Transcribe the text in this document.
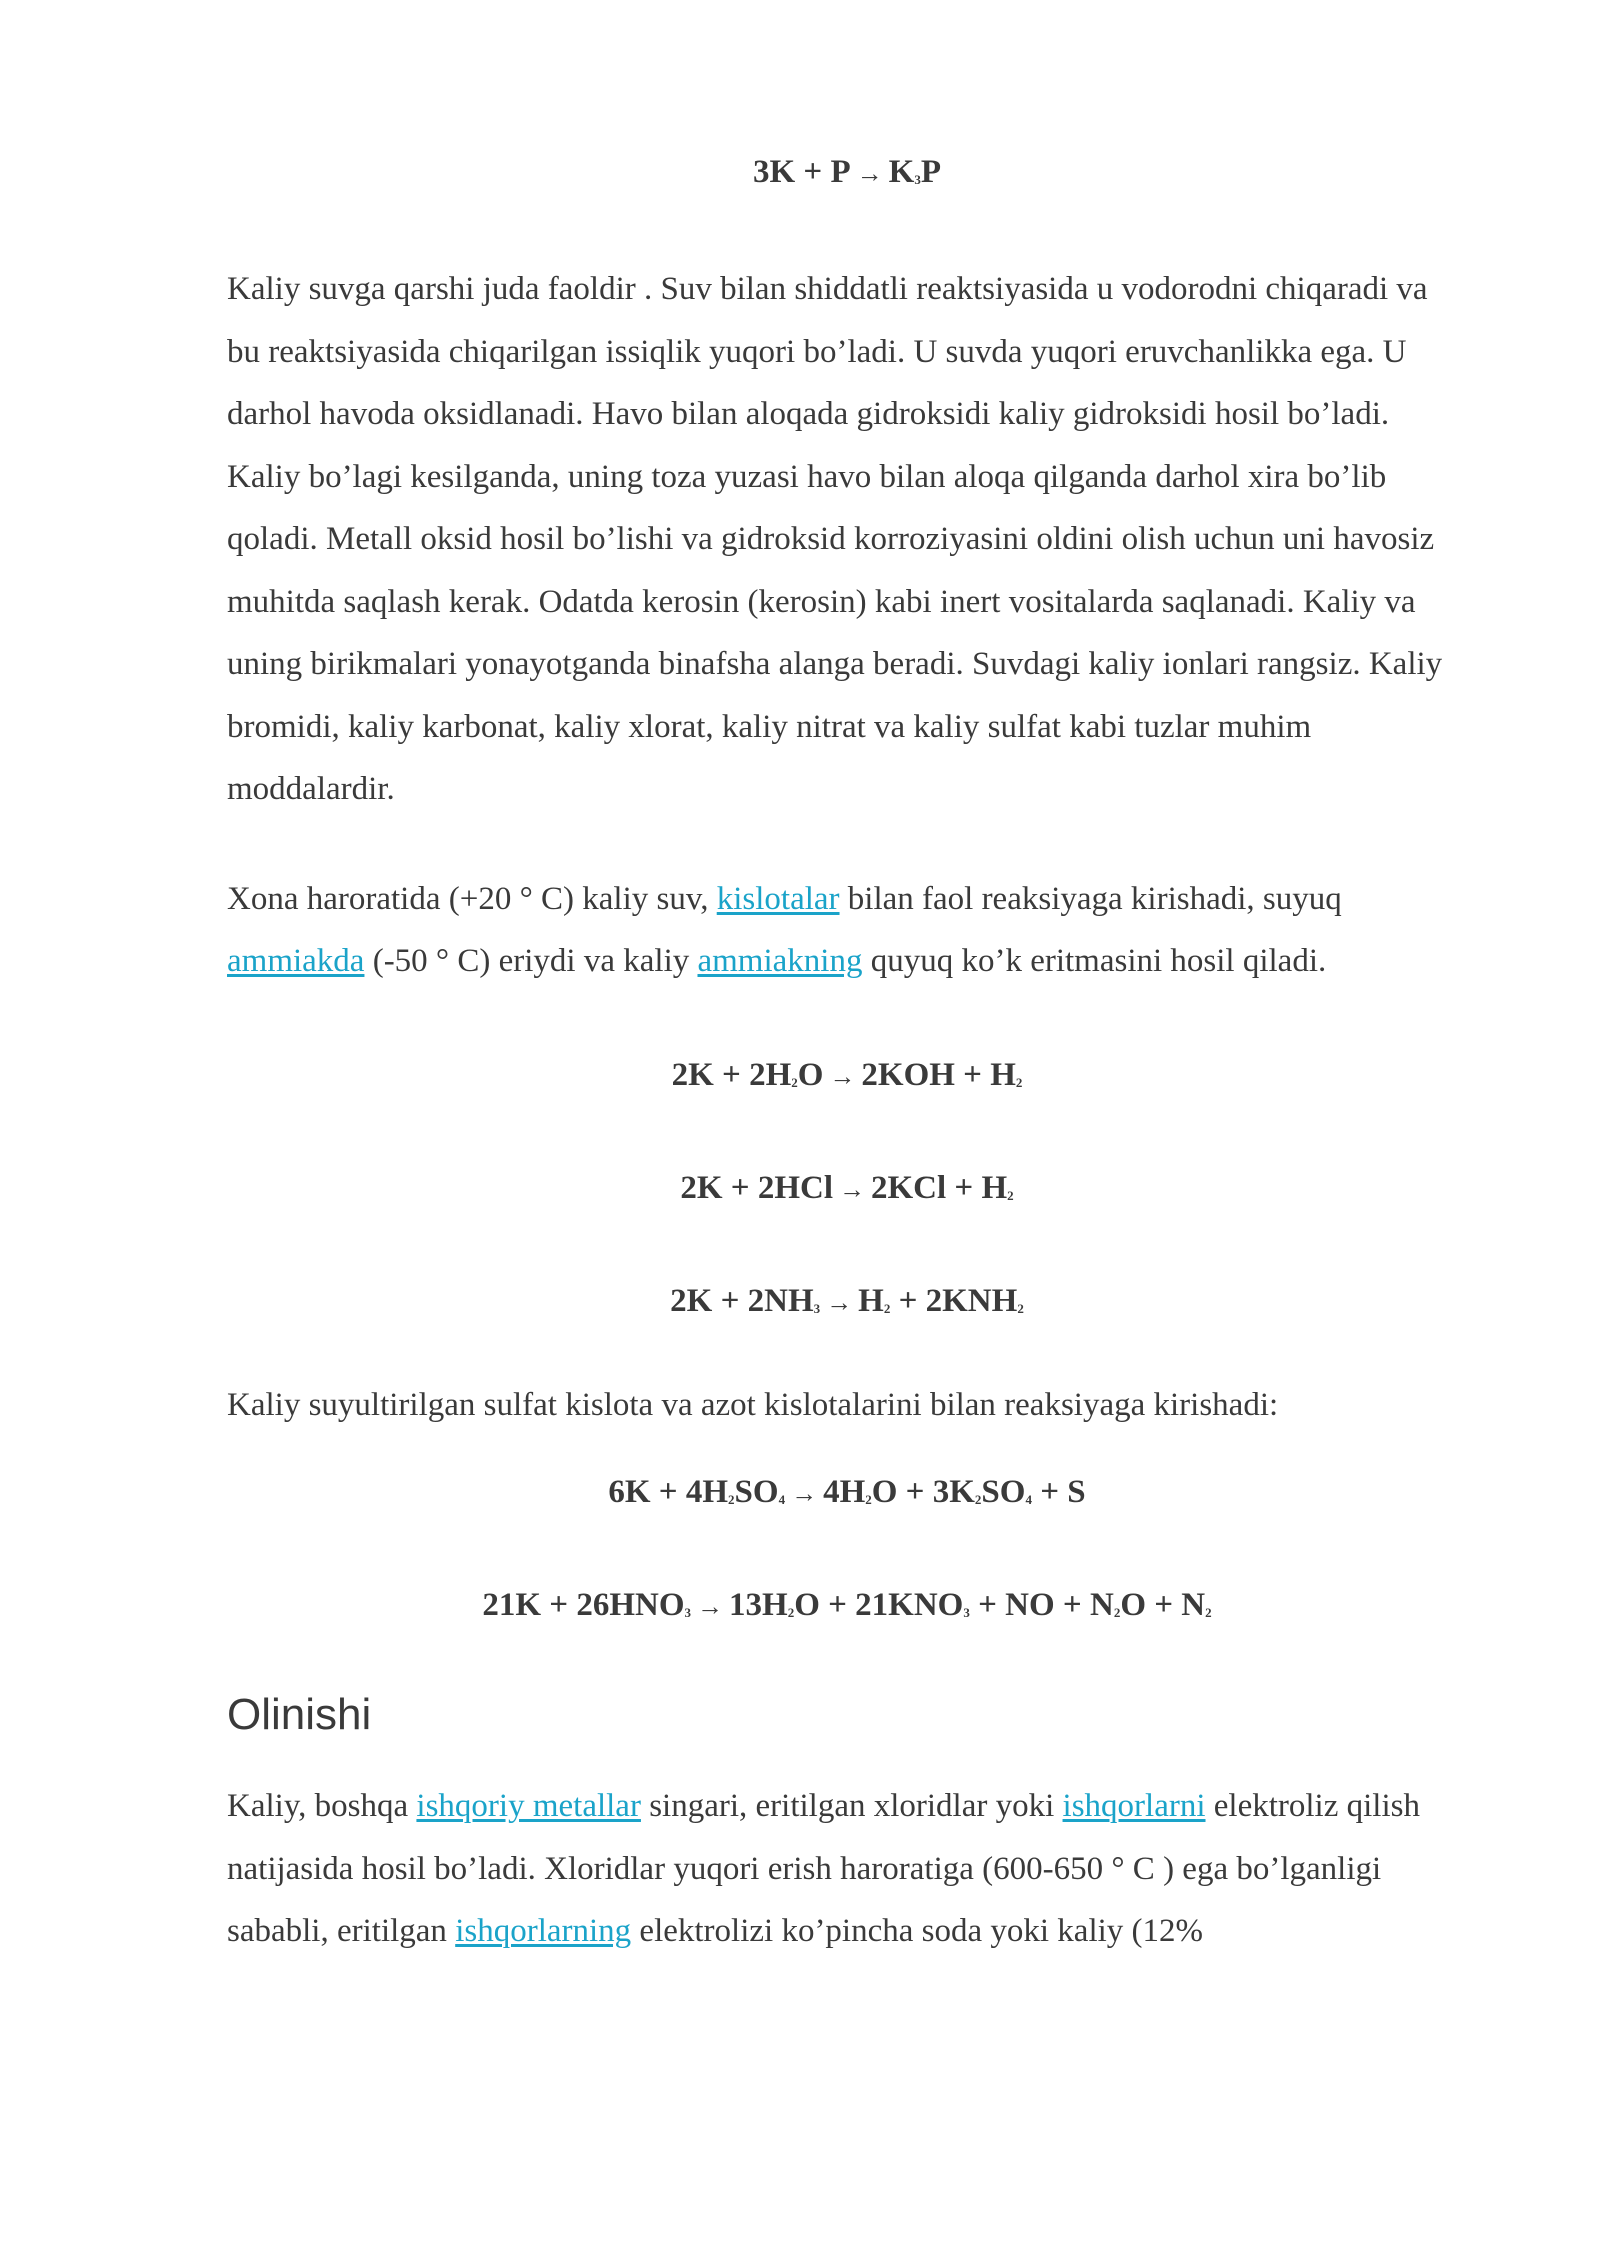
$3K + P \to K_3P$

Kaliy suvga qarshi juda faoldir . Suv bilan shiddatli reaktsiyasida u vodorodni chiqaradi va bu reaktsiyasida chiqarilgan issiqlik yuqori bo’ladi. U suvda yuqori eruvchanlikka ega. U darhol havoda oksidlanadi. Havo bilan aloqada gidroksidi kaliy gidroksidi hosil bo’ladi. Kaliy bo’lagi kesilganda, uning toza yuzasi havo bilan aloqa qilganda darhol xira bo’lib qoladi. Metall oksid hosil bo’lishi va gidroksid korroziyasini oldini olish uchun uni havosiz muhitda saqlash kerak. Odatda kerosin (kerosin) kabi inert vositalarda saqlanadi. Kaliy va uning birikmalari yonayotganda binafsha alanga beradi. Suvdagi kaliy ionlari rangsiz. Kaliy bromidi, kaliy karbonat, kaliy xlorat, kaliy nitrat va kaliy sulfat kabi tuzlar muhim moddalardir.

Xona haroratida (+20 ° C) kaliy suv, kislotalar bilan faol reaksiyaga kirishadi, suyuq ammiakda (-50 ° C) eriydi va kaliy ammiakning quyuq ko’k eritmasini hosil qiladi.

$2K + 2H_2O \to 2KOH + H_2$
$2K + 2HCl \to 2KCl + H_2$
$2K + 2NH_3 \to H_2 + 2KNH_2$

Kaliy suyultirilgan sulfat kislota va azot kislotalarini bilan reaksiyaga kirishadi:

$6K + 4H_2SO_4 \to 4H_2O + 3K_2SO_4 + S$
$21K + 26HNO_3 \to 13H_2O + 21KNO_3$ + NO + $N_2O + N_2$
Olinishi

Kaliy, boshqa ishqoriy metallar singari, eritilgan xloridlar yoki ishqorlarni elektroliz qilish natijasida hosil bo’ladi. Xloridlar yuqori erish haroratiga (600-650 ° C ) ega bo’lganligi sababli, eritilgan ishqorlarning elektrolizi ko’pincha soda yoki kaliy (12%
